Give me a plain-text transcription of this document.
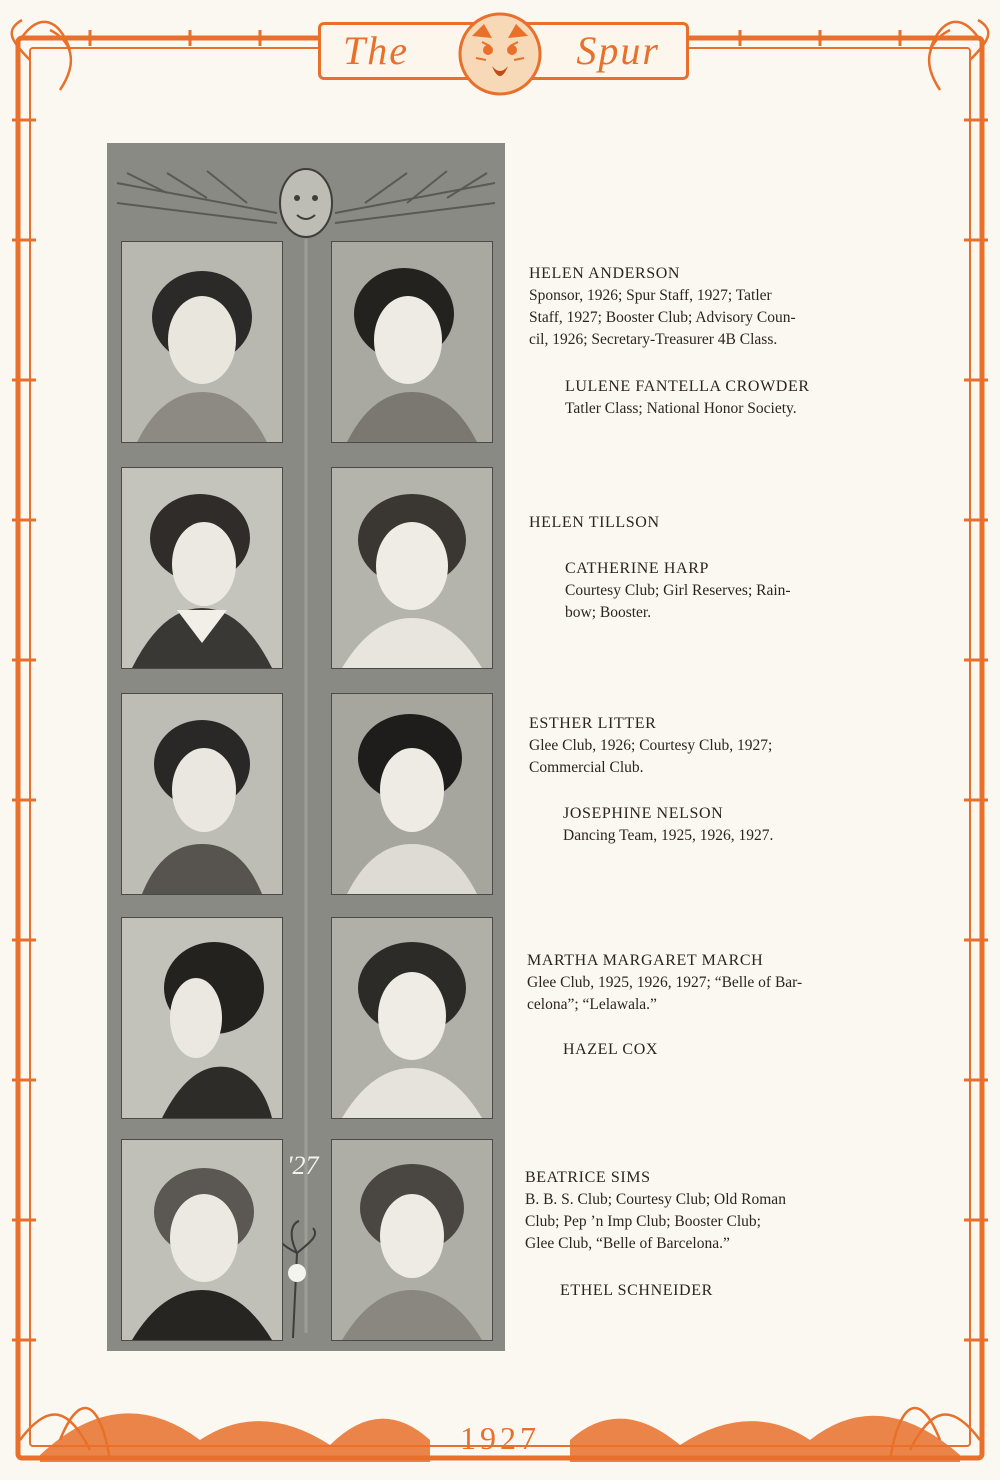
The	Spur
'27
HELEN ANDERSON
Sponsor, 1926; Spur Staff, 1927; Tatler
Staff, 1927; Booster Club; Advisory Coun-
cil, 1926; Secretary-Treasurer 4B Class.
LULENE FANTELLA CROWDER
Tatler Class; National Honor Society.
HELEN TILLSON
CATHERINE HARP
Courtesy Club; Girl Reserves; Rain-
bow; Booster.
ESTHER LITTER
Glee Club, 1926; Courtesy Club, 1927;
Commercial Club.
JOSEPHINE NELSON
Dancing Team, 1925, 1926, 1927.
MARTHA MARGARET MARCH
Glee Club, 1925, 1926, 1927; “Belle of Bar-
celona”; “Lelawala.”
HAZEL COX
BEATRICE SIMS
B. B. S. Club; Courtesy Club; Old Roman
Club; Pep ’n Imp Club; Booster Club;
Glee Club, “Belle of Barcelona.”
ETHEL SCHNEIDER
1927
